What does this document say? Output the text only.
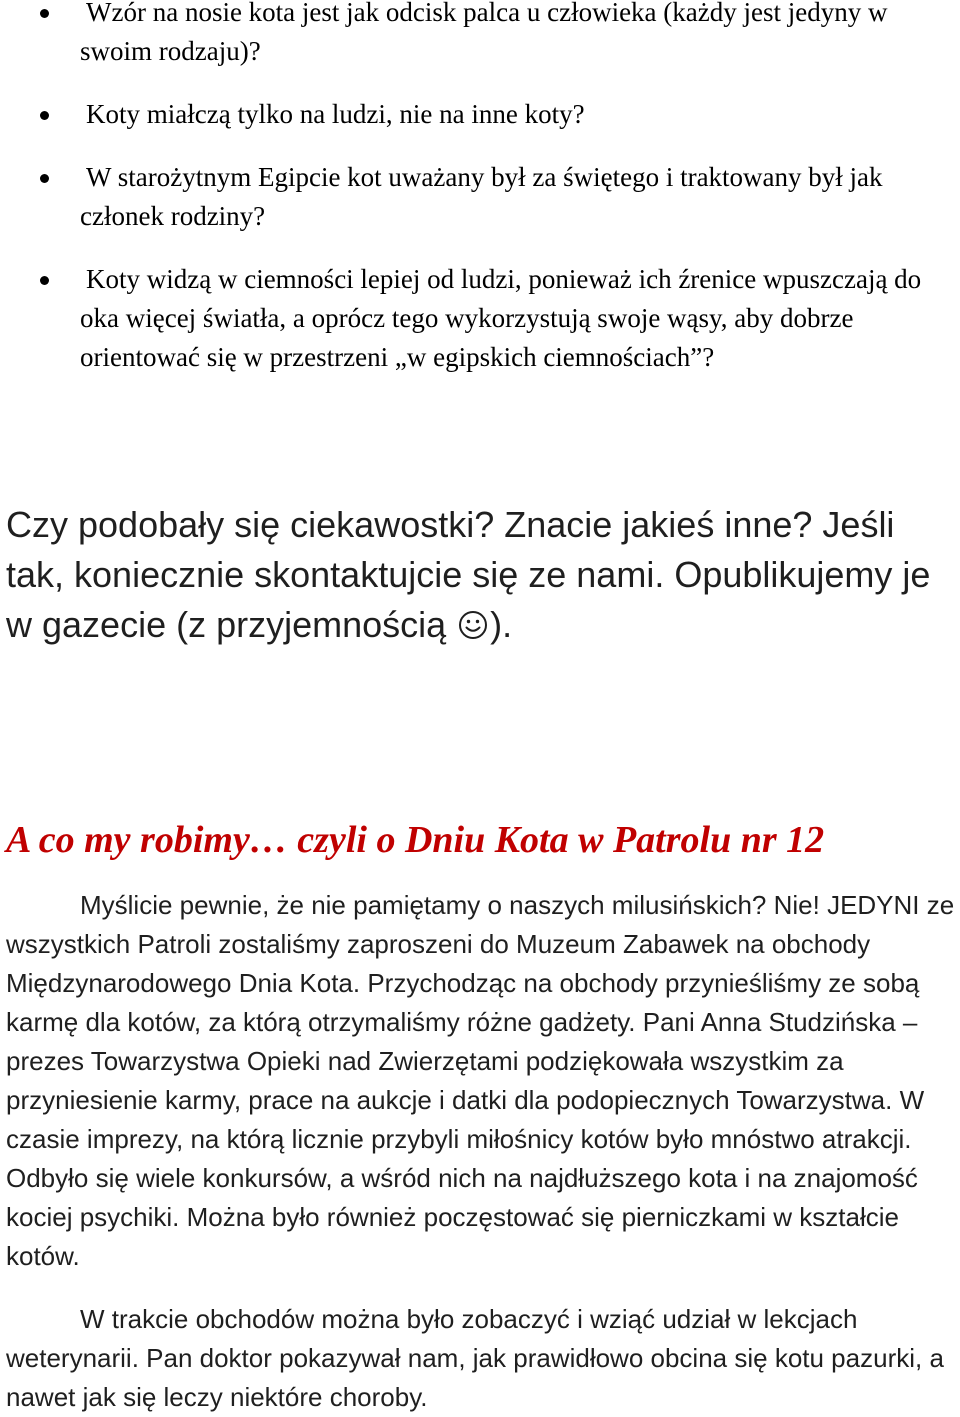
Wzór na nosie kota jest jak odcisk palca u człowieka (każdy jest jedyny w swoim rodzaju)?
Koty miałczą tylko na ludzi, nie na inne koty?
W starożytnym Egipcie kot uważany był za świętego i traktowany był jak członek rodziny?
Koty widzą w ciemności lepiej od ludzi, ponieważ ich źrenice wpuszczają do oka więcej światła, a oprócz tego wykorzystują swoje wąsy, aby dobrze orientować się w przestrzeni „w egipskich ciemnościach”?

Czy podobały się ciekawostki? Znacie jakieś inne? Jeśli tak, koniecznie skontaktujcie się ze nami. Opublikujemy je w gazecie (z przyjemnością ).

A co my robimy… czyli o Dniu Kota w Patrolu nr 12

Myślicie pewnie, że nie pamiętamy o naszych milusińskich? Nie! JEDYNI ze wszystkich Patroli zostaliśmy zaproszeni do Muzeum Zabawek na obchody Międzynarodowego Dnia Kota. Przychodząc na obchody przynieśliśmy ze sobą karmę dla kotów, za którą otrzymaliśmy różne gadżety. Pani Anna Studzińska – prezes Towarzystwa Opieki nad Zwierzętami podziękowała wszystkim za przyniesienie karmy, prace na aukcje i datki dla podopiecznych Towarzystwa. W czasie imprezy, na którą licznie przybyli miłośnicy kotów było mnóstwo atrakcji. Odbyło się wiele konkursów, a wśród nich na najdłuższego kota i na znajomość kociej psychiki. Można było również poczęstować się pierniczkami w kształcie kotów.

W trakcie obchodów można było zobaczyć i wziąć udział w lekcjach weterynarii. Pan doktor pokazywał nam, jak prawidłowo obcina się kotu pazurki, a nawet jak się leczy niektóre choroby.
